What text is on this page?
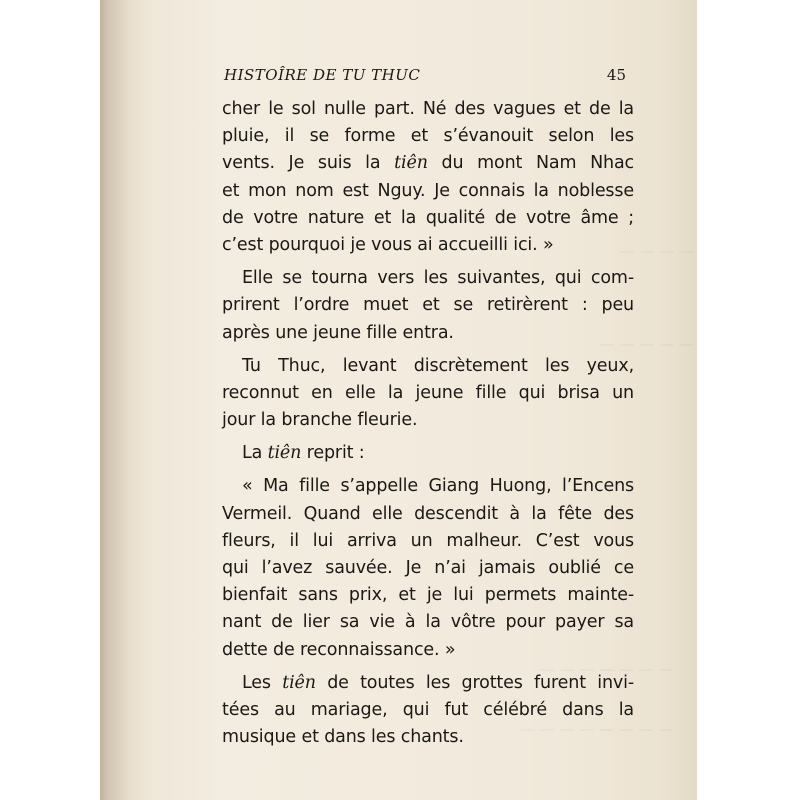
— — — —
— — — — —
— — — — — — —
— — — — — — — —
HISTOÎRE DE TU THUC	45
cher le sol nulle part. Né des vagues et de la
pluie, il se forme et s’évanouit selon les
vents. Je suis la tiên du mont Nam Nhac
et mon nom est Nguy. Je connais la noblesse
de votre nature et la qualité de votre âme ;
c’est pourquoi je vous ai accueilli ici. »
Elle se tourna vers les suivantes, qui com-
prirent l’ordre muet et se retirèrent : peu
après une jeune fille entra.
Tu Thuc, levant discrètement les yeux,
reconnut en elle la jeune fille qui brisa un
jour la branche fleurie.
La tiên reprit :
« Ma fille s’appelle Giang Huong, l’Encens
Vermeil. Quand elle descendit à la fête des
fleurs, il lui arriva un malheur. C’est vous
qui l’avez sauvée. Je n’ai jamais oublié ce
bienfait sans prix, et je lui permets mainte-
nant de lier sa vie à la vôtre pour payer sa
dette de reconnaissance. »
Les tiên de toutes les grottes furent invi-
tées au mariage, qui fut célébré dans la
musique et dans les chants.
